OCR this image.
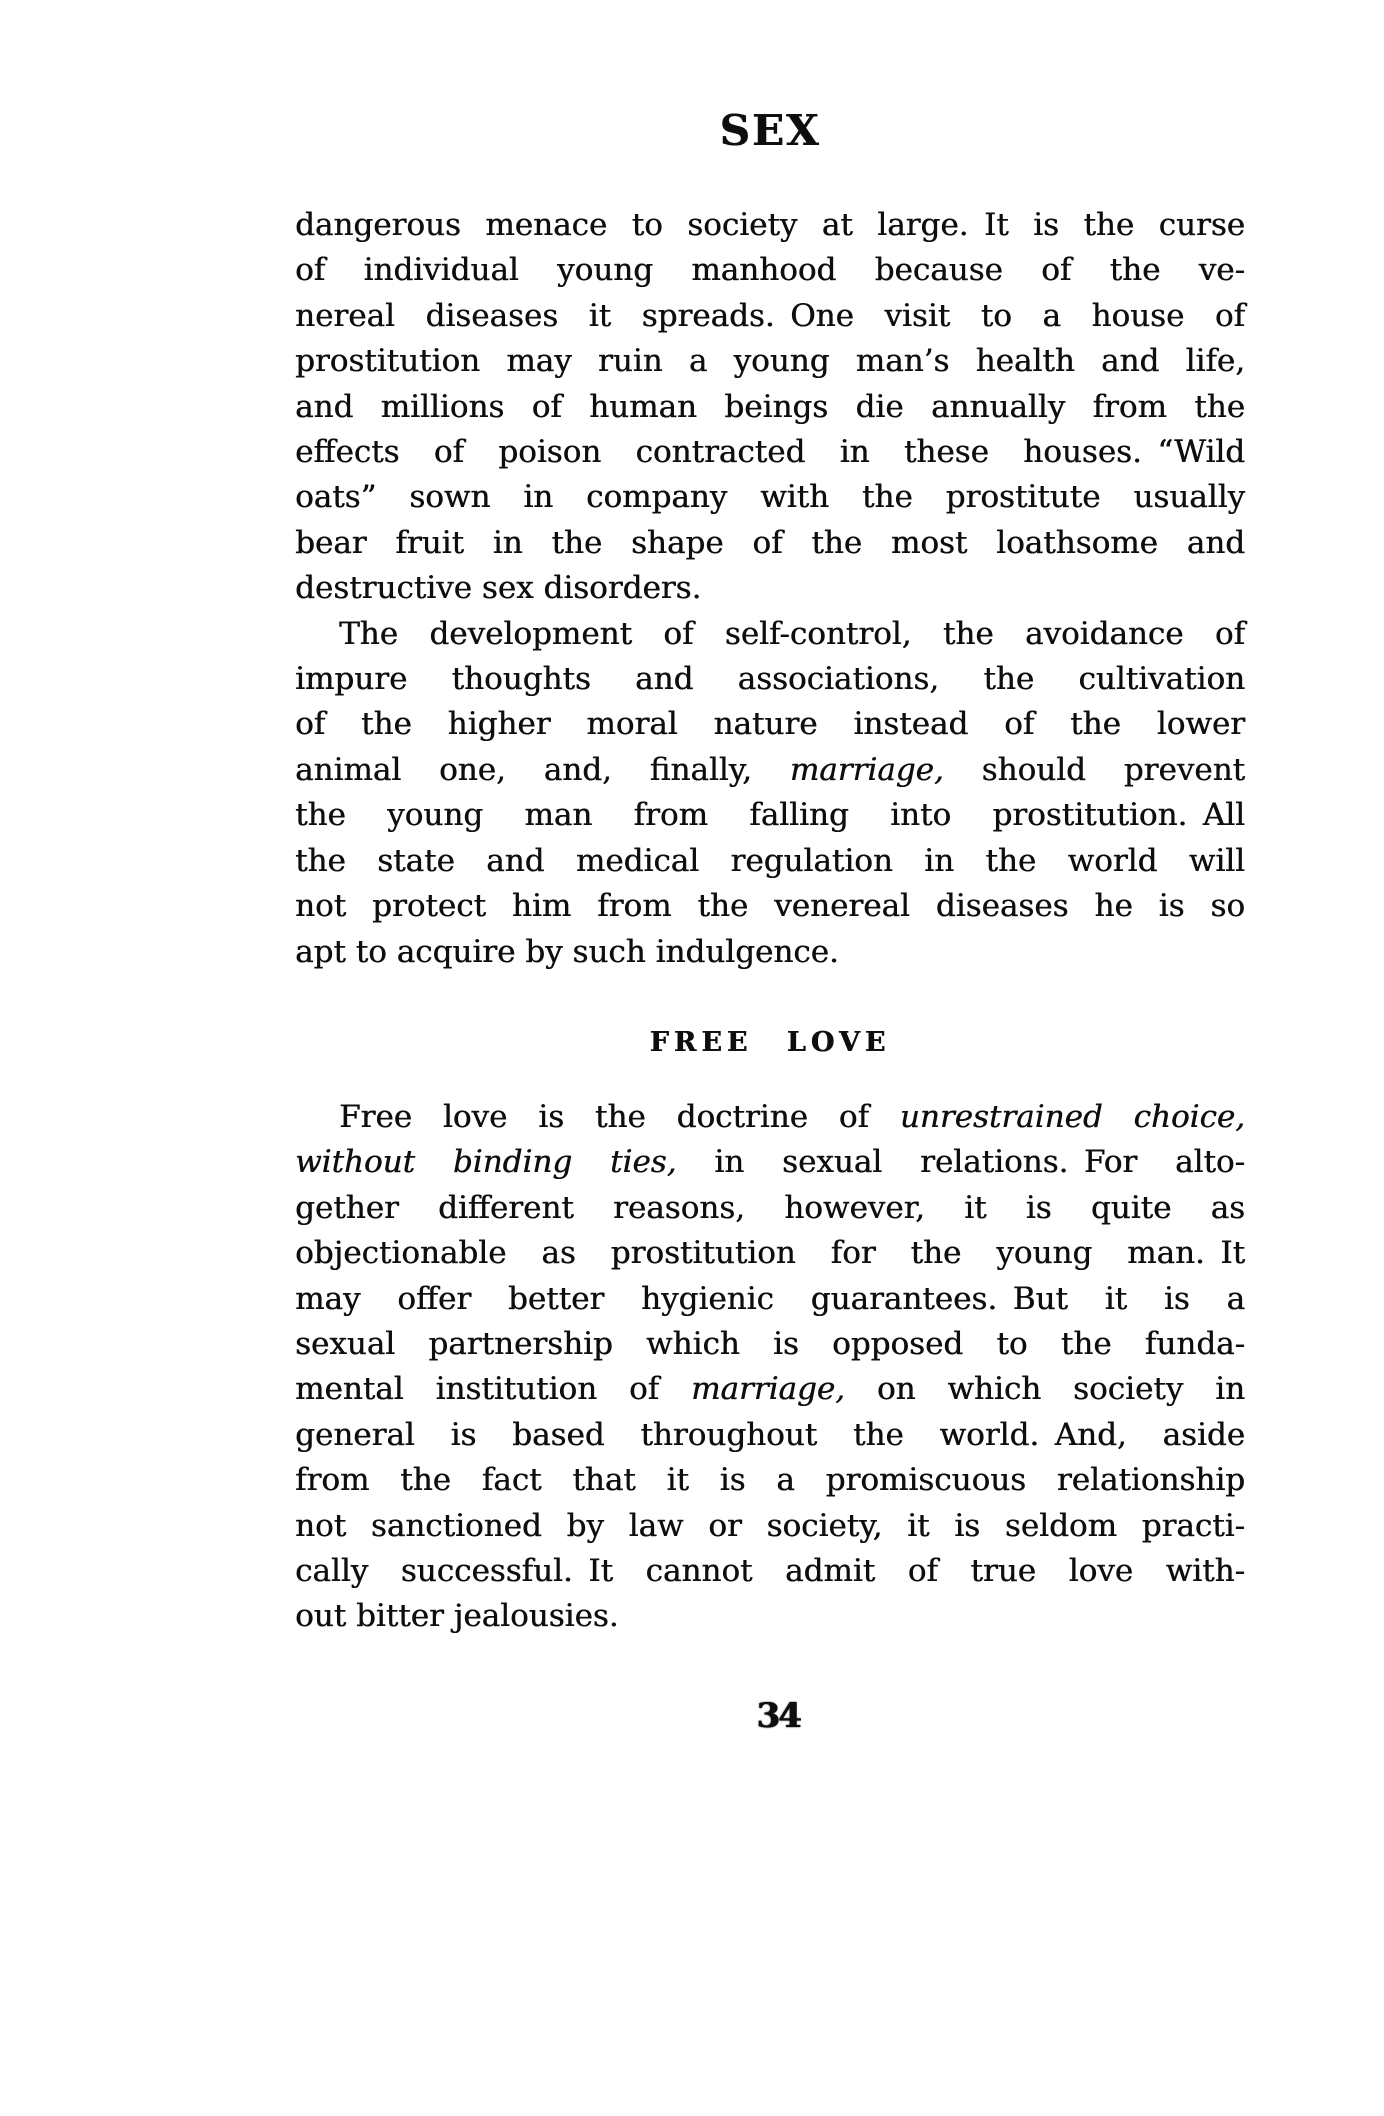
SEX
dangerous menace to society at large. It is the curse
of individual young manhood because of the ve-
nereal diseases it spreads. One visit to a house of
prostitution may ruin a young man’s health and life,
and millions of human beings die annually from the
effects of poison contracted in these houses. “Wild
oats” sown in company with the prostitute usually
bear fruit in the shape of the most loathsome and
destructive sex disorders.
The development of self-control, the avoidance of
impure thoughts and associations, the cultivation
of the higher moral nature instead of the lower
animal one, and, finally, marriage, should prevent
the young man from falling into prostitution. All
the state and medical regulation in the world will
not protect him from the venereal diseases he is so
apt to acquire by such indulgence.
FREE LOVE
Free love is the doctrine of unrestrained choice,
without binding ties, in sexual relations. For alto-
gether different reasons, however, it is quite as
objectionable as prostitution for the young man. It
may offer better hygienic guarantees. But it is a
sexual partnership which is opposed to the funda-
mental institution of marriage, on which society in
general is based throughout the world. And, aside
from the fact that it is a promiscuous relationship
not sanctioned by law or society, it is seldom practi-
cally successful. It cannot admit of true love with-
out bitter jealousies.
34
